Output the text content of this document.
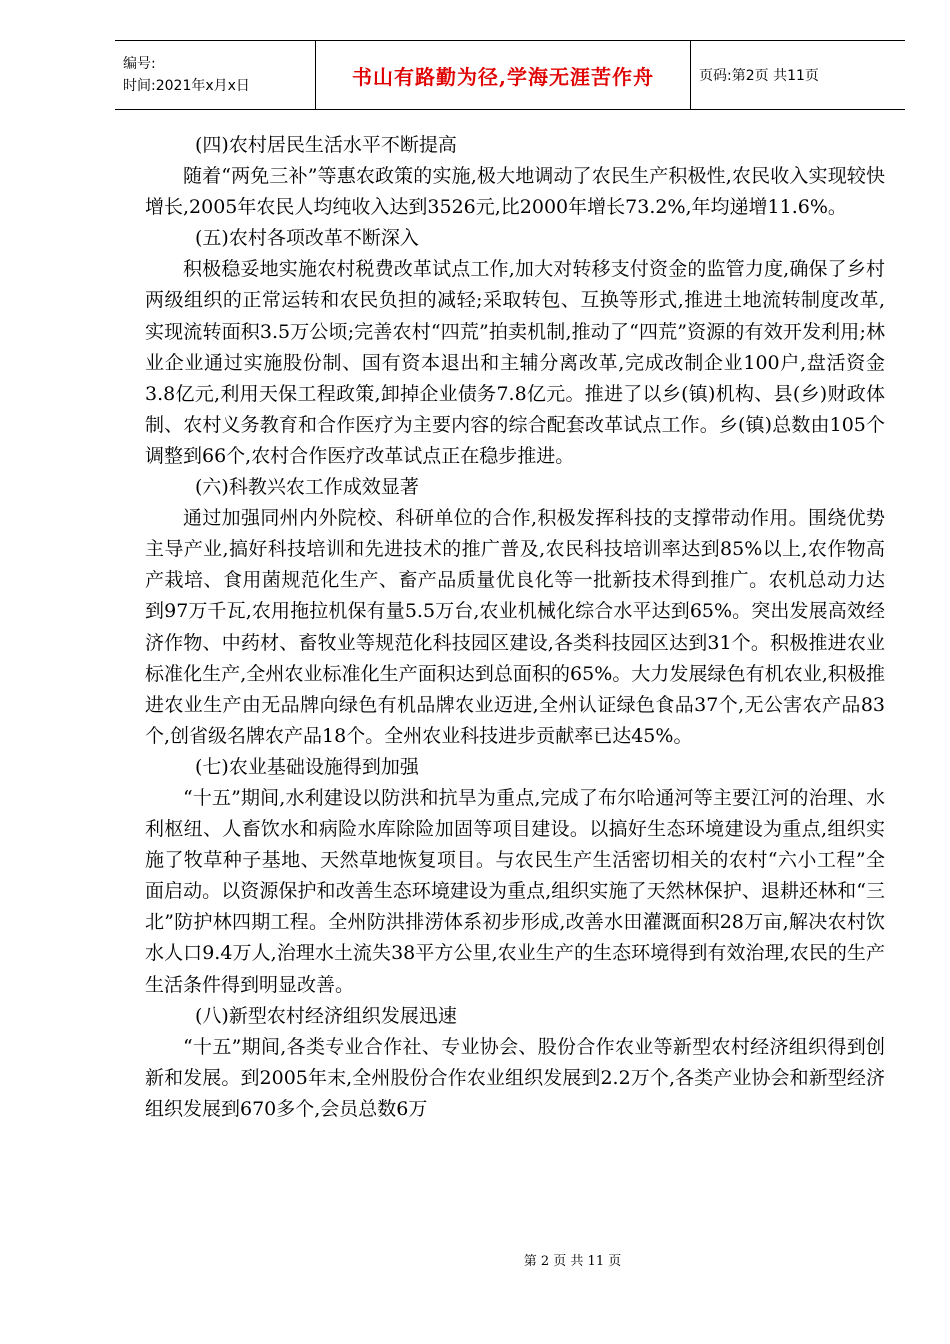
编号:
时间:2021年x月x日	书山有路勤为径,学海无涯苦作舟	页码:第2页 共11页

(四)农村居民生活水平不断提高

随着“两免三补”等惠农政策的实施,极大地调动了农民生产积极性,农民收入实现较快增长,2005年农民人均纯收入达到3526元,比2000年增长73.2%,年均递增11.6%。

(五)农村各项改革不断深入

积极稳妥地实施农村税费改革试点工作,加大对转移支付资金的监管力度,确保了乡村两级组织的正常运转和农民负担的减轻;采取转包、互换等形式,推进土地流转制度改革,实现流转面积3.5万公顷;完善农村“四荒”拍卖机制,推动了“四荒”资源的有效开发利用;林业企业通过实施股份制、国有资本退出和主辅分离改革,完成改制企业100户,盘活资金3.8亿元,利用天保工程政策,卸掉企业债务7.8亿元。推进了以乡(镇)机构、县(乡)财政体制、农村义务教育和合作医疗为主要内容的综合配套改革试点工作。乡(镇)总数由105个调整到66个,农村合作医疗改革试点正在稳步推进。

(六)科教兴农工作成效显著

通过加强同州内外院校、科研单位的合作,积极发挥科技的支撑带动作用。围绕优势主导产业,搞好科技培训和先进技术的推广普及,农民科技培训率达到85%以上,农作物高产栽培、食用菌规范化生产、畜产品质量优良化等一批新技术得到推广。农机总动力达到97万千瓦,农用拖拉机保有量5.5万台,农业机械化综合水平达到65%。突出发展高效经济作物、中药材、畜牧业等规范化科技园区建设,各类科技园区达到31个。积极推进农业标准化生产,全州农业标准化生产面积达到总面积的65%。大力发展绿色有机农业,积极推进农业生产由无品牌向绿色有机品牌农业迈进,全州认证绿色食品37个,无公害农产品83个,创省级名牌农产品18个。全州农业科技进步贡献率已达45%。

(七)农业基础设施得到加强

“十五”期间,水利建设以防洪和抗旱为重点,完成了布尔哈通河等主要江河的治理、水利枢纽、人畜饮水和病险水库除险加固等项目建设。以搞好生态环境建设为重点,组织实施了牧草种子基地、天然草地恢复项目。与农民生产生活密切相关的农村“六小工程”全面启动。以资源保护和改善生态环境建设为重点,组织实施了天然林保护、退耕还林和“三北”防护林四期工程。全州防洪排涝体系初步形成,改善水田灌溉面积28万亩,解决农村饮水人口9.4万人,治理水土流失38平方公里,农业生产的生态环境得到有效治理,农民的生产生活条件得到明显改善。

(八)新型农村经济组织发展迅速

“十五”期间,各类专业合作社、专业协会、股份合作农业等新型农村经济组织得到创新和发展。到2005年末,全州股份合作农业组织发展到2.2万个,各类产业协会和新型经济组织发展到670多个,会员总数6万

第 2 页 共 11 页
